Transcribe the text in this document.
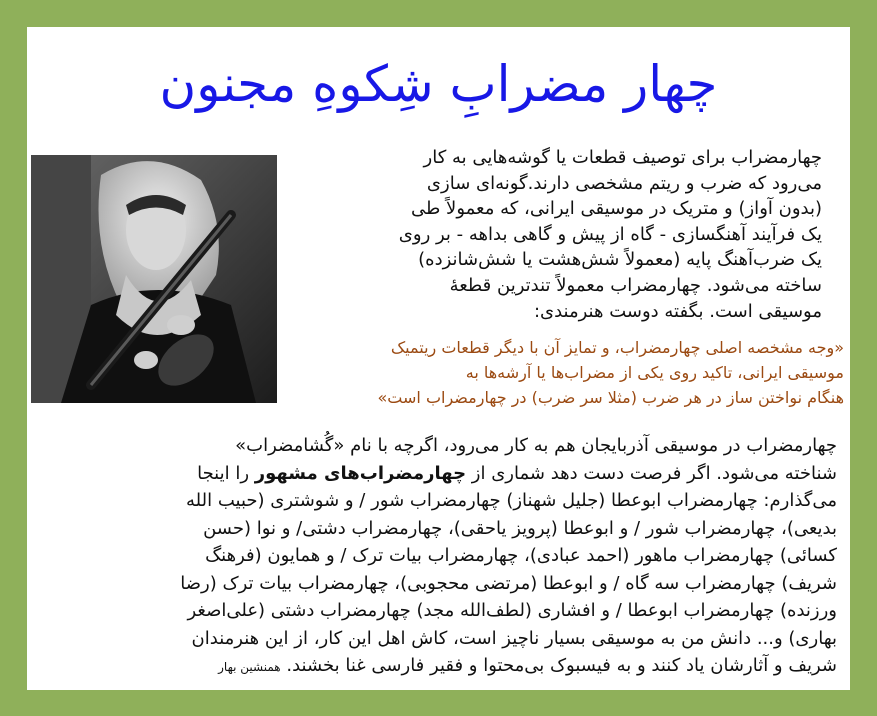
چهار مضرابِ شِکوهِ مجنون

چهارمضراب برای توصیف قطعات یا گوشه‌هایی به کار
می‌رود که ضرب و ریتم مشخصی دارند.گونه‌ای سازی
(بدون آواز) و متریک در موسیقی ایرانی، که معمولاً طی
یک فرآیند آهنگسازی - گاه از پیش و گاهی بداهه - بر روی
یک ضرب‌آهنگ پایه (معمولاً شش‌هشت یا شش‌شانزده)
ساخته می‌شود. چهارمضراب معمولاً تندترین قطعهٔ
موسیقی است. بگفته دوست هنرمندی:

«وجه مشخصه اصلی چهارمضراب، و تمایز آن با دیگر قطعات ریتمیک
موسیقی ایرانی، تاکید روی یکی از مضراب‌ها یا آرشه‌ها به
هنگام نواختن ساز در هر ضرب (مثلا سر ضرب) در چهارمضراب است»

چهارمضراب در موسیقی آذربایجان هم به کار می‌رود، اگرچه با نام «گُشامضراب»
شناخته می‌شود. اگر فرصت دست دهد شماری از چهارمضراب‌های مشهور را اینجا
می‌گذارم: چهارمضراب ابوعطا (جلیل شهناز) چهارمضراب شور / و شوشتری (حبیب الله
بدیعی)، چهارمضراب شور / و ابوعطا (پرویز یاحقی)، چهارمضراب دشتی/ و نوا (حسن
کسائی) چهارمضراب ماهور (احمد عبادی)، چهارمضراب بیات ترک / و همایون (فرهنگ
شریف) چهارمضراب سه گاه / و ابوعطا (مرتضی محجوبی)، چهارمضراب بیات ترک (رضا
ورزنده) چهارمضراب ابوعطا / و افشاری (لطف‌الله مجد) چهارمضراب دشتی (علی‌اصغر
بهاری) و... دانش من به موسیقی بسیار ناچیز است، کاش اهل این کار، از این هنرمندان
شریف و آثارشان یاد کنند و به فیسبوک بی‌محتوا و فقیر فارسی غنا بخشند. همنشین بهار
